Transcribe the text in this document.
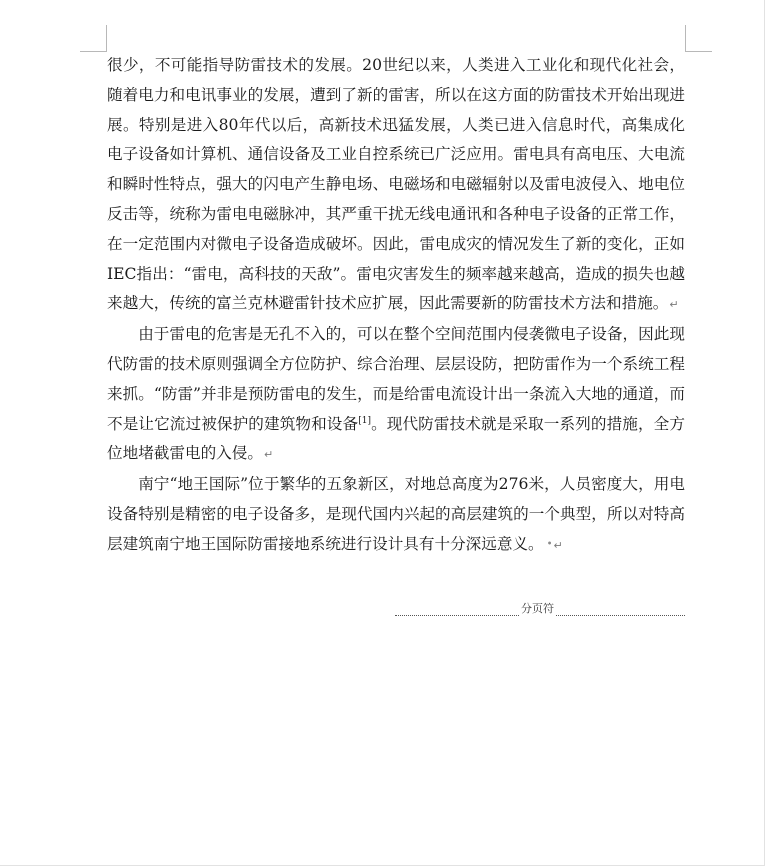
很少，不可能指导防雷技术的发展。20世纪以来，人类进入工业化和现代化社会，随着电力和电讯事业的发展，遭到了新的雷害，所以在这方面的防雷技术开始出现进展。特别是进入80年代以后，高新技术迅猛发展，人类已进入信息时代，高集成化电子设备如计算机、通信设备及工业自控系统已广泛应用。雷电具有高电压、大电流和瞬时性特点，强大的闪电产生静电场、电磁场和电磁辐射以及雷电波侵入、地电位反击等，统称为雷电电磁脉冲，其严重干扰无线电通讯和各种电子设备的正常工作，在一定范围内对微电子设备造成破坏。因此，雷电成灾的情况发生了新的变化，正如IEC指出：“雷电，高科技的天敌”。雷电灾害发生的频率越来越高，造成的损失也越来越大，传统的富兰克林避雷针技术应扩展，因此需要新的防雷技术方法和措施。↵

由于雷电的危害是无孔不入的，可以在整个空间范围内侵袭微电子设备，因此现代防雷的技术原则强调全方位防护、综合治理、层层设防，把防雷作为一个系统工程来抓。“防雷”并非是预防雷电的发生，而是给雷电流设计出一条流入大地的通道，而不是让它流过被保护的建筑物和设备[1]。现代防雷技术就是采取一系列的措施，全方位地堵截雷电的入侵。↵

南宁“地王国际”位于繁华的五象新区，对地总高度为276米，人员密度大，用电设备特别是精密的电子设备多，是现代国内兴起的高层建筑的一个典型，所以对特高层建筑南宁地王国际防雷接地系统进行设计具有十分深远意义。 •↵

分页符
